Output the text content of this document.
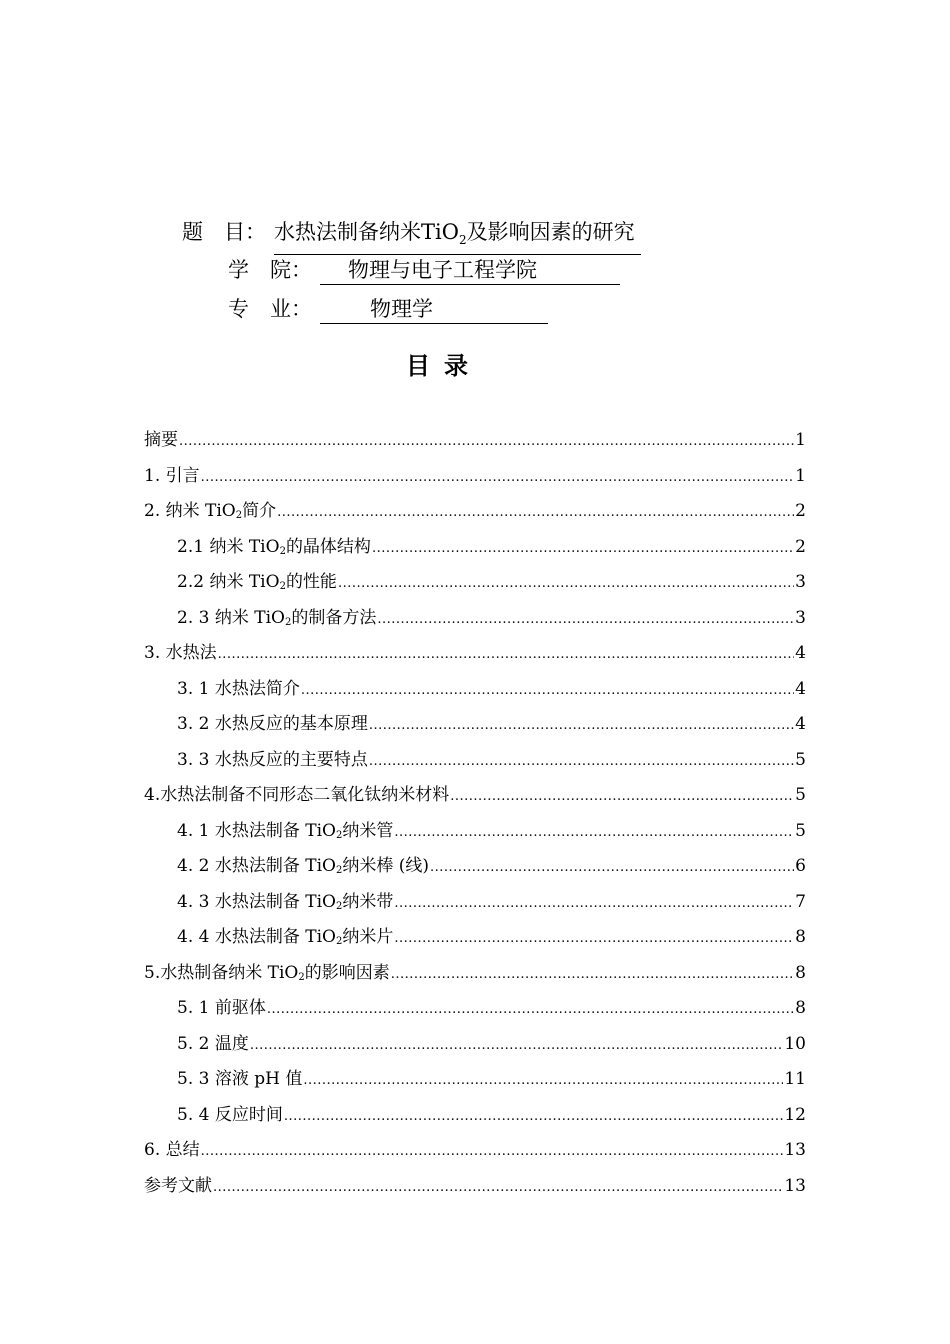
题　目： 水热法制备纳米TiO$_2$及影响因素的研究
学　院： 物理与电子工程学院
专　业：	物理学
目录
摘要 .....	1
1. 引言 .....	1
2. 纳米 TiO$_2$简介 .....	2
2.1 纳米 TiO$_2$的晶体结构 .....	2
2.2 纳米 TiO$_2$的性能 .....	3
2. 3 纳米 TiO$_2$的制备方法 .....	3
3. 水热法 .....	4
3. 1 水热法简介 .....	4
3. 2 水热反应的基本原理 .....	4
3. 3 水热反应的主要特点 .....	5
4.水热法制备不同形态二氧化钛纳米材料 .....	5
4. 1 水热法制备 TiO$_2$纳米管 .....	5
4. 2 水热法制备 TiO$_2$纳米棒 (线) .....	6
4. 3 水热法制备 TiO$_2$纳米带 .....	7
4. 4 水热法制备 TiO$_2$纳米片 .....	8
5.水热制备纳米 TiO$_2$的影响因素 .....	8
5. 1 前驱体 .....	8
5. 2 温度 .....	10
5. 3 溶液 pH 值 .....	11
5. 4 反应时间 .....	12
6. 总结 .....	13
参考文献 .....	13
